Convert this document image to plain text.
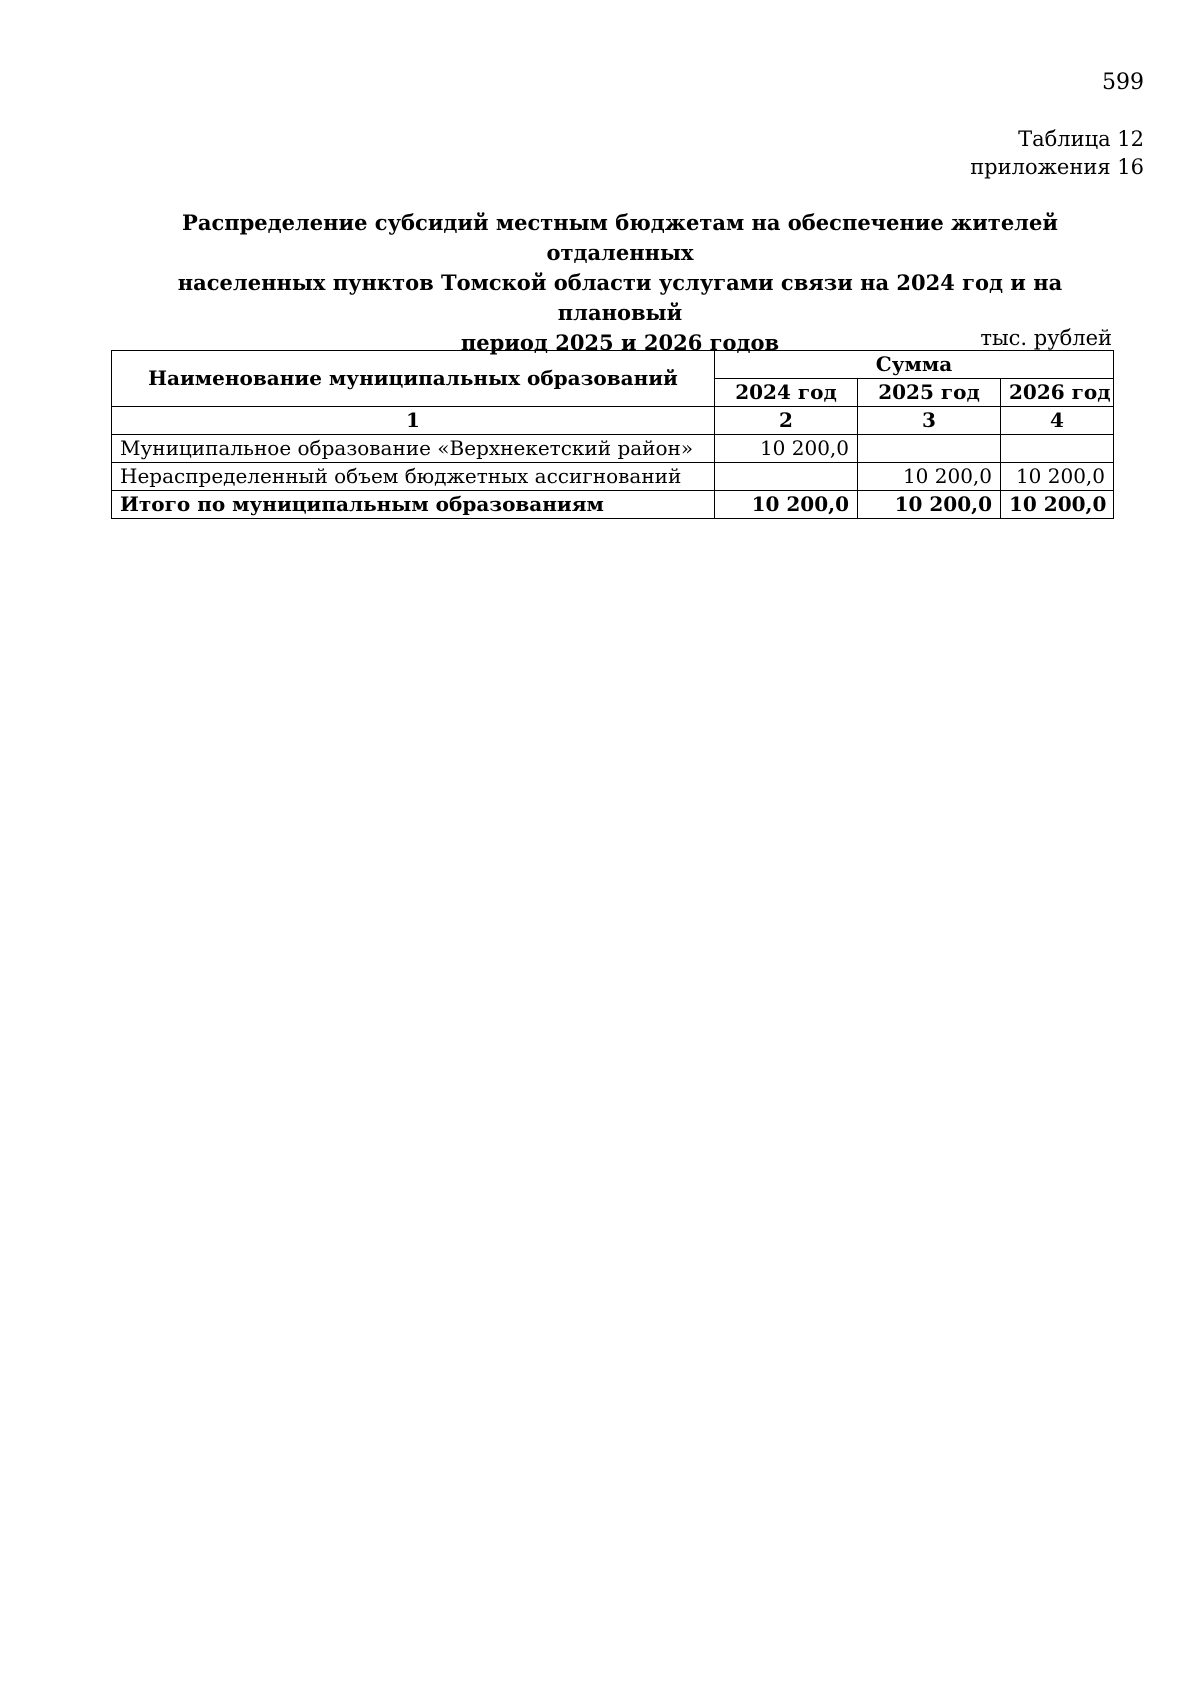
599
Таблица 12
приложения 16
Распределение субсидий местным бюджетам на обеспечение жителей отдаленных
населенных пунктов Томской области услугами связи на 2024 год и на плановый
период 2025 и 2026 годов	тыс. рублей
Наименование муниципальных образований	Сумма		
	2024 год	2025 год	2026 год
1	2	3	4
Муниципальное образование «Верхнекетский район»	10 200,0		
Нераспределенный объем бюджетных ассигнований		10 200,0	10 200,0
Итого по муниципальным образованиям	10 200,0	10 200,0	10 200,0
